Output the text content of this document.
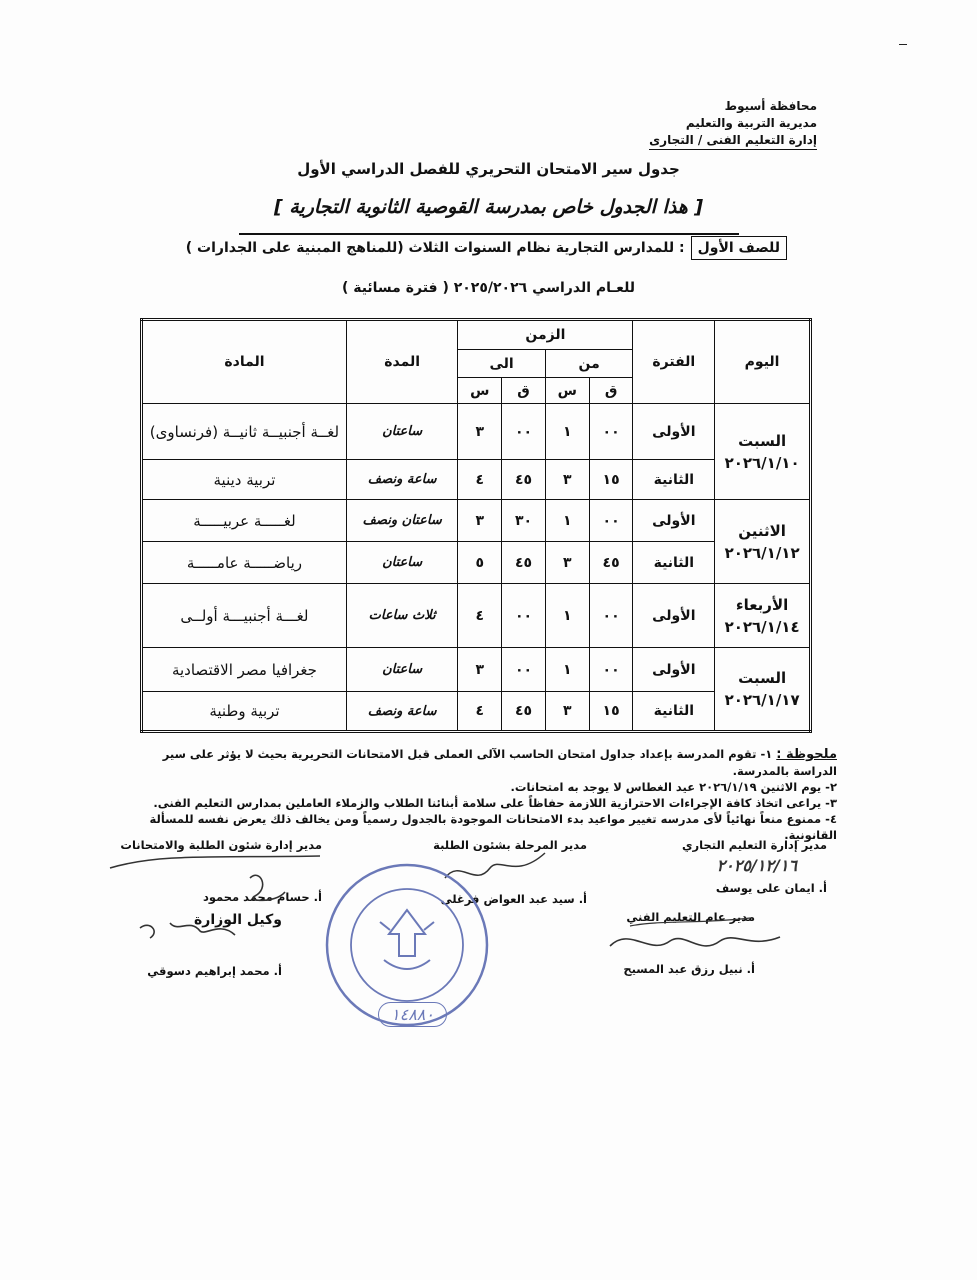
محافظة أسيوط
مديرية التربية والتعليم
إدارة التعليم الفنى / التجارى
جدول سير الامتحان التحريري للفصل الدراسي الأول
[ هذا الجدول خاص بمدرسة القوصية الثانوية التجارية ]

للصف الأول
: للمدارس التجارية نظام السنوات الثلاث (للمناهج المبنية على الجدارات )
للعـام الدراسي ٢٠٢٥/٢٠٢٦ ( فترة مسائية )
اليوم	الفترة	الزمن				المدة	المادة
		من		الى			
		ق	س	ق	س		

السبت
٢٠٢٦/١/١٠	الأولى	٠٠	١	٠٠	٣	ساعتان	لغــة أجنبيــة ثانيــة (فرنساوى)
	الثانية	١٥	٣	٤٥	٤	ساعة ونصف	تربية دينية

الاثنين
٢٠٢٦/١/١٢	الأولى	٠٠	١	٣٠	٣	ساعتان ونصف	لغـــــة عربيـــــة
	الثانية	٤٥	٣	٤٥	٥	ساعتان	رياضـــــة عامـــــة

الأربعاء
٢٠٢٦/١/١٤	الأولى	٠٠	١	٠٠	٤	ثلاث ساعات	لغـــة أجنبيـــة أولــى

السبت
٢٠٢٦/١/١٧	الأولى	٠٠	١	٠٠	٣	ساعتان	جغرافيا مصر الاقتصادية
	الثانية	١٥	٣	٤٥	٤	ساعة ونصف	تربية وطنية
ملحوظة : ١- تقوم المدرسة بإعداد جداول امتحان الحاسب الآلى العملى قبل الامتحانات التحريرية بحيث لا يؤثر على سير الدراسة بالمدرسة.
٢- يوم الاثنين ٢٠٢٦/١/١٩ عيد الغطاس لا يوجد به امتحانات.
٣- يراعى اتخاذ كافة الإجراءات الاحترازية اللازمة حفاظاً على سلامة أبنائنا الطلاب والزملاء العاملين بمدارس التعليم الفنى.
٤- ممنوع منعاً نهائياً لأى مدرسه تغيير مواعيد بدء الامتحانات الموجودة بالجدول رسمياً ومن يخالف ذلك يعرض نفسه للمسألة القانونية.
مدير إدارة التعليم التجاري
٢٠٢٥/١٢/١٦
أ. ايمان على يوسف
مدير المرحلة بشئون الطلبة
أ. سيد عبد العواض فرغلى
مدير إدارة شئون الطلبة والامتحانات
أ. حسام محمد محمود
وكيل الوزارة
أ. محمد إبراهيم دسوقي
مدير عام التعليم الفني
أ. نبيل رزق عبد المسيح
١٤٨٨٠
